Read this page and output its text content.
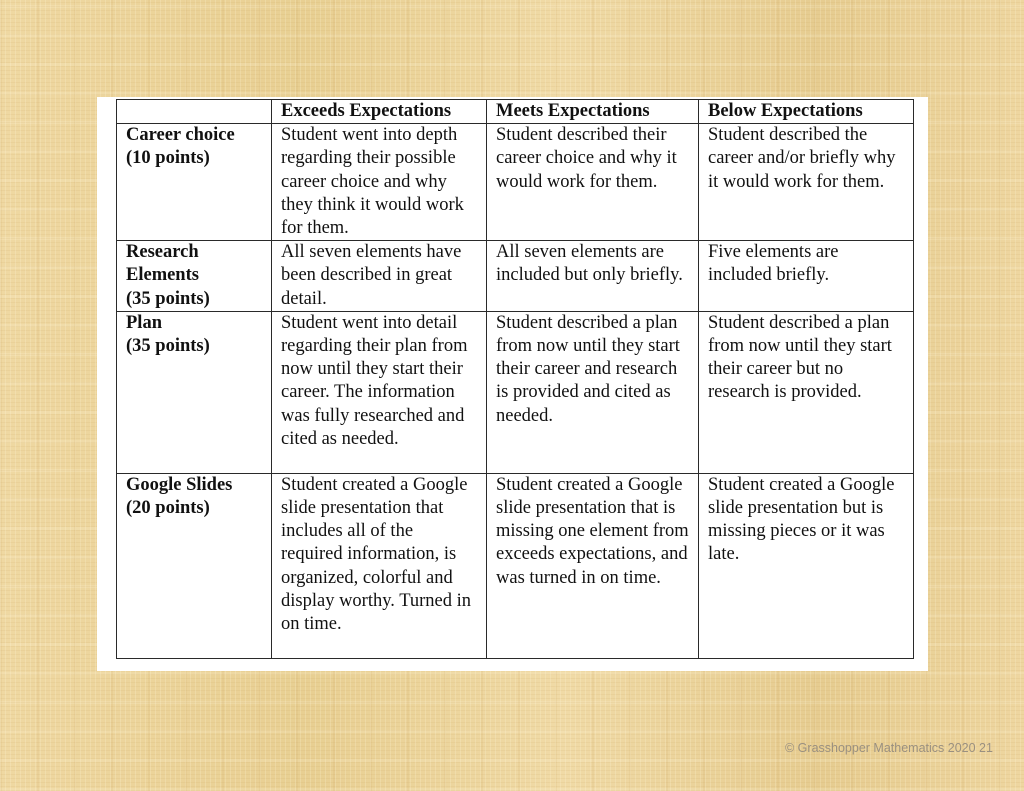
	Exceeds Expectations	Meets Expectations	Below Expectations

Career choice
(10 points)	Student went into depth regarding their possible career choice and why they think it would work for them.	Student described their career choice and why it would work for them.	Student described the career and/or briefly why it would work for them.

Research Elements
(35 points)	All seven elements have been described in great detail.	All seven elements are included but only briefly.	Five elements are included briefly.

Plan
(35 points)	Student went into detail regarding their plan from now until they start their career. The information was fully researched and cited as needed.	Student described a plan from now until they start their career and research is provided and cited as needed.	Student described a plan from now until they start their career but no research is provided.

Google Slides
(20 points)	Student created a Google slide presentation that includes all of the required information, is organized, colorful and display worthy. Turned in on time.	Student created a Google slide presentation that is missing one element from exceeds expectations, and was turned in on time.	Student created a Google slide presentation but is missing pieces or it was late.
© Grasshopper Mathematics 2020 21
